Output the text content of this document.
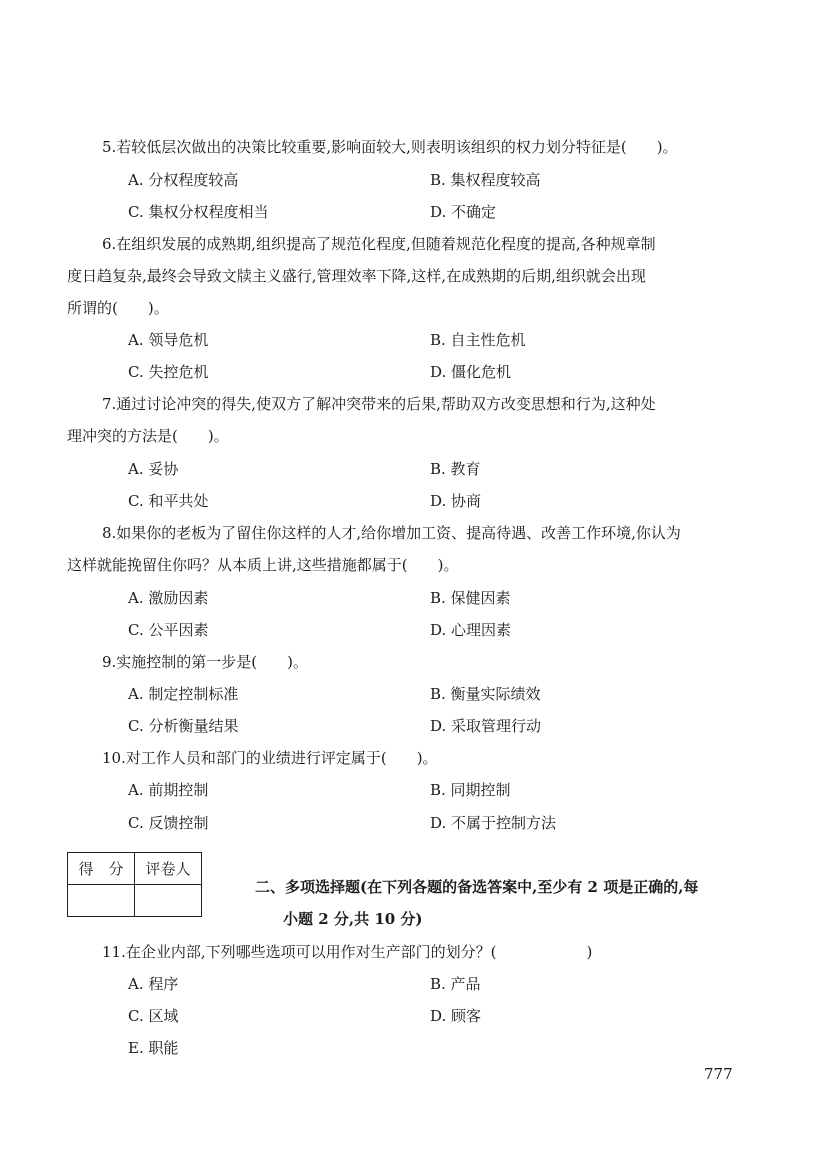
5.若较低层次做出的决策比较重要,影响面较大,则表明该组织的权力划分特征是(　　)。
A. 分权程度较高	B. 集权程度较高
C. 集权分权程度相当	D. 不确定
6.在组织发展的成熟期,组织提高了规范化程度,但随着规范化程度的提高,各种规章制
度日趋复杂,最终会导致文牍主义盛行,管理效率下降,这样,在成熟期的后期,组织就会出现
所谓的(　　)。
A. 领导危机	B. 自主性危机
C. 失控危机	D. 僵化危机
7.通过讨论冲突的得失,使双方了解冲突带来的后果,帮助双方改变思想和行为,这种处
理冲突的方法是(　　)。
A. 妥协	B. 教育
C. 和平共处	D. 协商
8.如果你的老板为了留住你这样的人才,给你增加工资、提高待遇、改善工作环境,你认为
这样就能挽留住你吗？从本质上讲,这些措施都属于(　　)。
A. 激励因素	B. 保健因素
C. 公平因素	D. 心理因素
9.实施控制的第一步是(　　)。
A. 制定控制标准	B. 衡量实际绩效
C. 分析衡量结果	D. 采取管理行动
10.对工作人员和部门的业绩进行评定属于(　　)。
A. 前期控制	B. 同期控制
C. 反馈控制	D. 不属于控制方法
得　分	评卷人

二、多项选择题(在下列各题的备选答案中,至少有 2 项是正确的,每
小题 2 分,共 10 分)
11.在企业内部,下列哪些选项可以用作对生产部门的划分？(　　　　　　)
A. 程序	B. 产品
C. 区域	D. 顾客
E. 职能
777
